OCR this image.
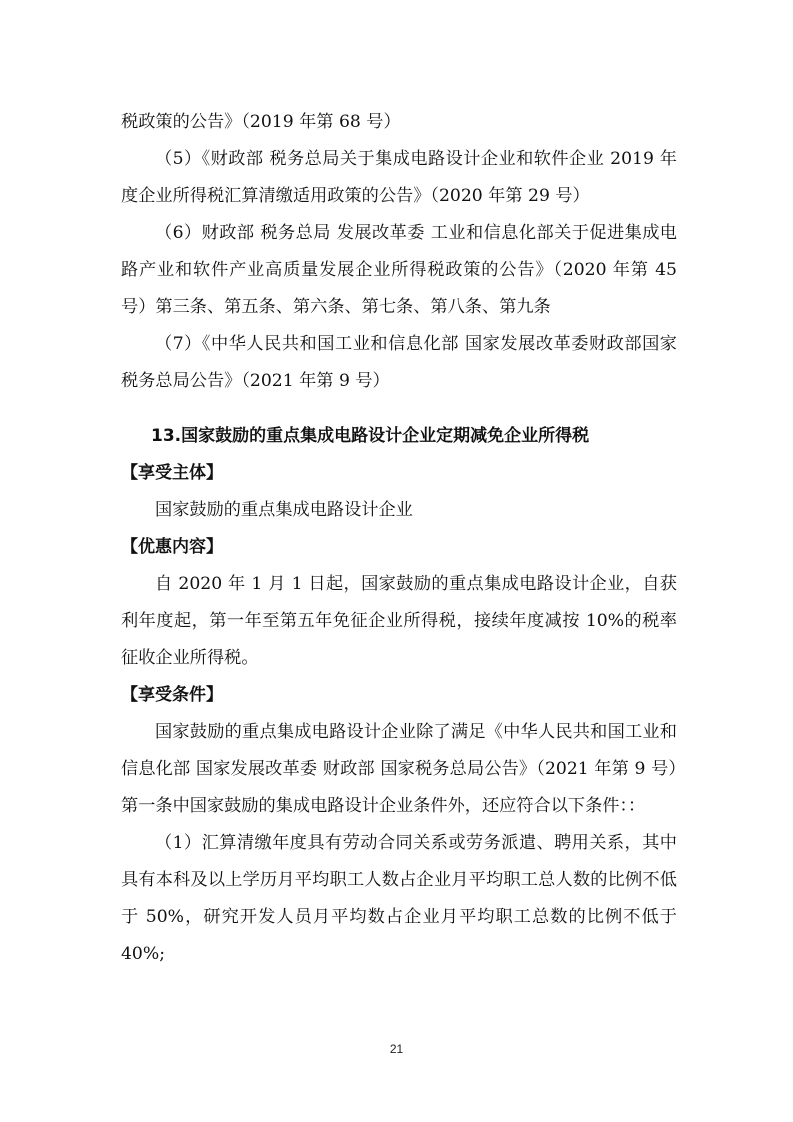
税政策的公告》（2019 年第 68 号）

（5）《财政部 税务总局关于集成电路设计企业和软件企业 2019 年度企业所得税汇算清缴适用政策的公告》（2020 年第 29 号）

（6）财政部 税务总局 发展改革委 工业和信息化部关于促进集成电路产业和软件产业高质量发展企业所得税政策的公告》（2020 年第 45 号）第三条、第五条、第六条、第七条、第八条、第九条

（7）《中华人民共和国工业和信息化部 国家发展改革委财政部国家税务总局公告》（2021 年第 9 号）

13.国家鼓励的重点集成电路设计企业定期减免企业所得税

【享受主体】

国家鼓励的重点集成电路设计企业

【优惠内容】

自 2020 年 1 月 1 日起，国家鼓励的重点集成电路设计企业，自获利年度起，第一年至第五年免征企业所得税，接续年度减按 10%的税率征收企业所得税。

【享受条件】

国家鼓励的重点集成电路设计企业除了满足《中华人民共和国工业和信息化部 国家发展改革委 财政部 国家税务总局公告》（2021 年第 9 号）第一条中国家鼓励的集成电路设计企业条件外，还应符合以下条件：：

（1）汇算清缴年度具有劳动合同关系或劳务派遣、聘用关系，其中具有本科及以上学历月平均职工人数占企业月平均职工总人数的比例不低于 50%，研究开发人员月平均数占企业月平均职工总数的比例不低于 40%;

21
